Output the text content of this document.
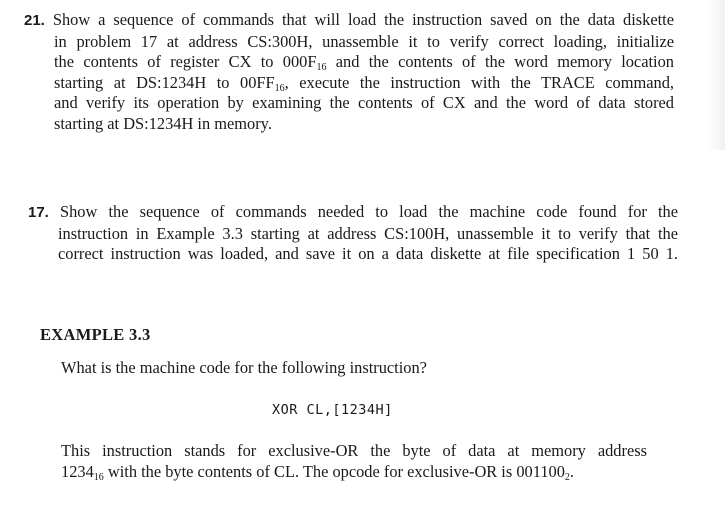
21. Show a sequence of commands that will load the instruction saved on the data diskette
in problem 17 at address CS:300H, unassemble it to verify correct loading, initialize
the contents of register CX to $000F_{16}$ and the contents of the word memory location
starting at DS:1234H to $00FF_{16}$, execute the instruction with the TRACE command,
and verify its operation by examining the contents of CX and the word of data stored
starting at DS:1234H in memory.
17. Show the sequence of commands needed to load the machine code found for the
instruction in Example 3.3 starting at address CS:100H, unassemble it to verify that the
correct instruction was loaded, and save it on a data diskette at file specification 1 50 1.
EXAMPLE 3.3
What is the machine code for the following instruction?
XOR CL,[1234H]
This instruction stands for exclusive-OR the byte of data at memory address
$1234_{16}$ with the byte contents of CL. The opcode for exclusive-OR is $001100_2$.
